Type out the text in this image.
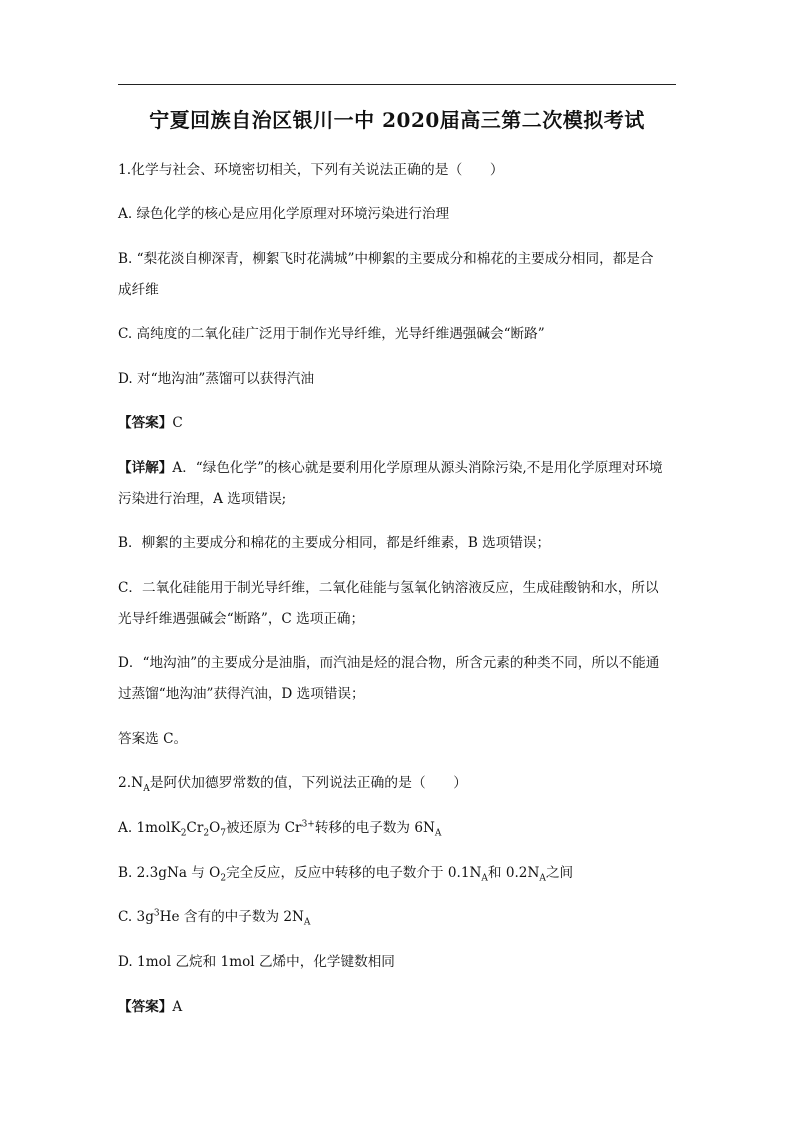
宁夏回族自治区银川一中 2020届高三第二次模拟考试
1.化学与社会、环境密切相关，下列有关说法正确的是（　　）
A. 绿色化学的核心是应用化学原理对环境污染进行治理
B. “梨花淡自柳深青，柳絮飞时花满城”中柳絮的主要成分和棉花的主要成分相同，都是合
成纤维
C. 高纯度的二氧化硅广泛用于制作光导纤维，光导纤维遇强碱会“断路”
D. 对“地沟油”蒸馏可以获得汽油
【答案】C
【详解】A．“绿色化学”的核心就是要利用化学原理从源头消除污染,不是用化学原理对环境
污染进行治理，A 选项错误;
B．柳絮的主要成分和棉花的主要成分相同，都是纤维素，B 选项错误；
C．二氧化硅能用于制光导纤维，二氧化硅能与氢氧化钠溶液反应，生成硅酸钠和水，所以
光导纤维遇强碱会“断路”，C 选项正确；
D．“地沟油”的主要成分是油脂，而汽油是烃的混合物，所含元素的种类不同，所以不能通
过蒸馏“地沟油”获得汽油，D 选项错误；
答案选 C。
$2.N_A$是阿伏加德罗常数的值，下列说法正确的是（　　）
A. $1molK_2Cr_2O_7$被还原为 $Cr^{3+}$转移的电子数为 $6N_A$
B. 2.3gNa 与 $O_2$完全反应，反应中转移的电子数介于 $0.1N_A$和 $0.2N_A$之间
C. $3g^3He$ 含有的中子数为 $2N_A$
D. 1mol 乙烷和 1mol 乙烯中，化学键数相同
【答案】A
